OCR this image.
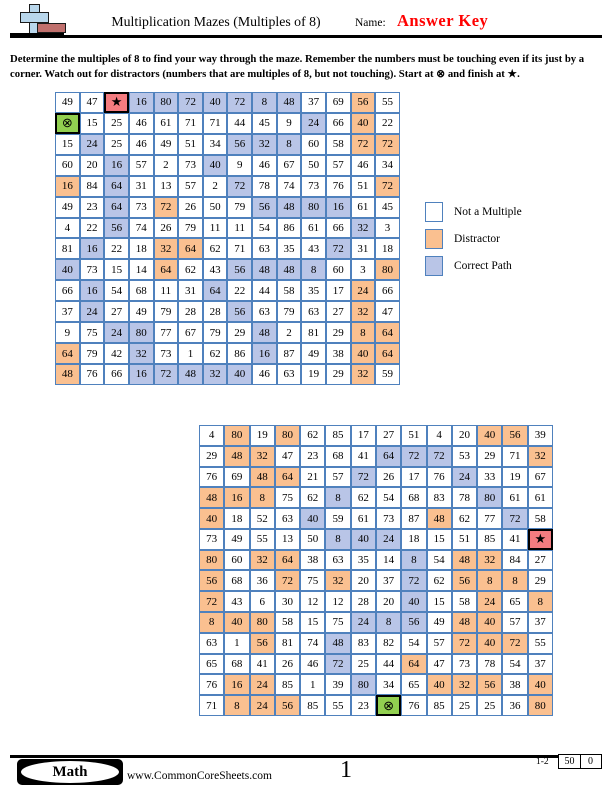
Multiplication Mazes (Multiples of 8)	Name: Answer Key

Determine the multiples of 8 to find your way through the maze. Remember the numbers must be touching even if its just by a corner. Watch out for distractors (numbers that are multiples of 8, but not touching). Start at ⊗ and finish at ★.

49	47	★	16	80	72	40	72	8	48	37	69	56	55
⊗	15	25	46	61	71	71	44	45	9	24	66	40	22
15	24	25	46	49	51	34	56	32	8	60	58	72	72
60	20	16	57	2	73	40	9	46	67	50	57	46	34
16	84	64	31	13	57	2	72	78	74	73	76	51	72
49	23	64	73	72	26	50	79	56	48	80	16	61	45
4	22	56	74	26	79	11	11	54	86	61	66	32	3
81	16	22	18	32	64	62	71	63	35	43	72	31	18
40	73	15	14	64	62	43	56	48	48	8	60	3	80
66	16	54	68	11	31	64	22	44	58	35	17	24	66
37	24	27	49	79	28	28	56	63	79	63	27	32	47
9	75	24	80	77	67	79	29	48	2	81	29	8	64
64	79	42	32	73	1	62	86	16	87	49	38	40	64
48	76	66	16	72	48	32	40	46	63	19	29	32	59
Not a Multiple
Distractor
Correct Path
4	80	19	80	62	85	17	27	51	4	20	40	56	39
29	48	32	47	23	68	41	64	72	72	53	29	71	32
76	69	48	64	21	57	72	26	17	76	24	33	19	67
48	16	8	75	62	8	62	54	68	83	78	80	61	61
40	18	52	63	40	59	61	73	87	48	62	77	72	58
73	49	55	13	50	8	40	24	18	15	51	85	41	★
80	60	32	64	38	63	35	14	8	54	48	32	84	27
56	68	36	72	75	32	20	37	72	62	56	8	8	29
72	43	6	30	12	12	28	20	40	15	58	24	65	8
8	40	80	58	15	75	24	8	56	49	48	40	57	37
63	1	56	81	74	48	83	82	54	57	72	40	72	55
65	68	41	26	46	72	25	44	64	47	73	78	54	37
76	16	24	85	1	39	80	34	65	40	32	56	38	40
71	8	24	56	85	55	23	⊗	76	85	25	25	36	80
Math	www.CommonCoreSheets.com	1	1-2	50	0
